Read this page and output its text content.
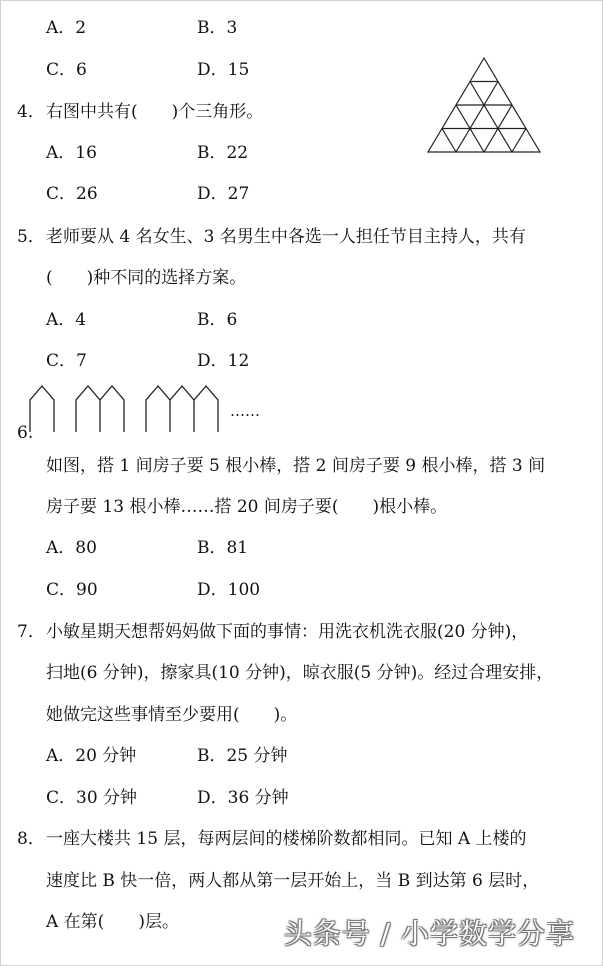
A．2	B．3
C．6	D．15
4． 右图中共有(　　)个三角形。
A．16	B．22
C．26	D．27
5． 老师要从 4 名女生、3 名男生中各选一人担任节目主持人，共有
(　　)种不同的选择方案。
A．4	B．6
C．7	D．12
……
6.
如图，搭 1 间房子要 5 根小棒，搭 2 间房子要 9 根小棒，搭 3 间
房子要 13 根小棒……搭 20 间房子要(　　)根小棒。
A．80	B．81
C．90	D．100
7． 小敏星期天想帮妈妈做下面的事情：用洗衣机洗衣服(20 分钟)，
扫地(6 分钟)，擦家具(10 分钟)，晾衣服(5 分钟)。经过合理安排，
她做完这些事情至少要用(　　)。
A．20 分钟	B．25 分钟
C．30 分钟	D．36 分钟
8． 一座大楼共 15 层，每两层间的楼梯阶数都相同。已知 A 上楼的
速度比 B 快一倍，两人都从第一层开始上，当 B 到达第 6 层时，
A 在第(　　)层。	头条号 / 小学数学分享
